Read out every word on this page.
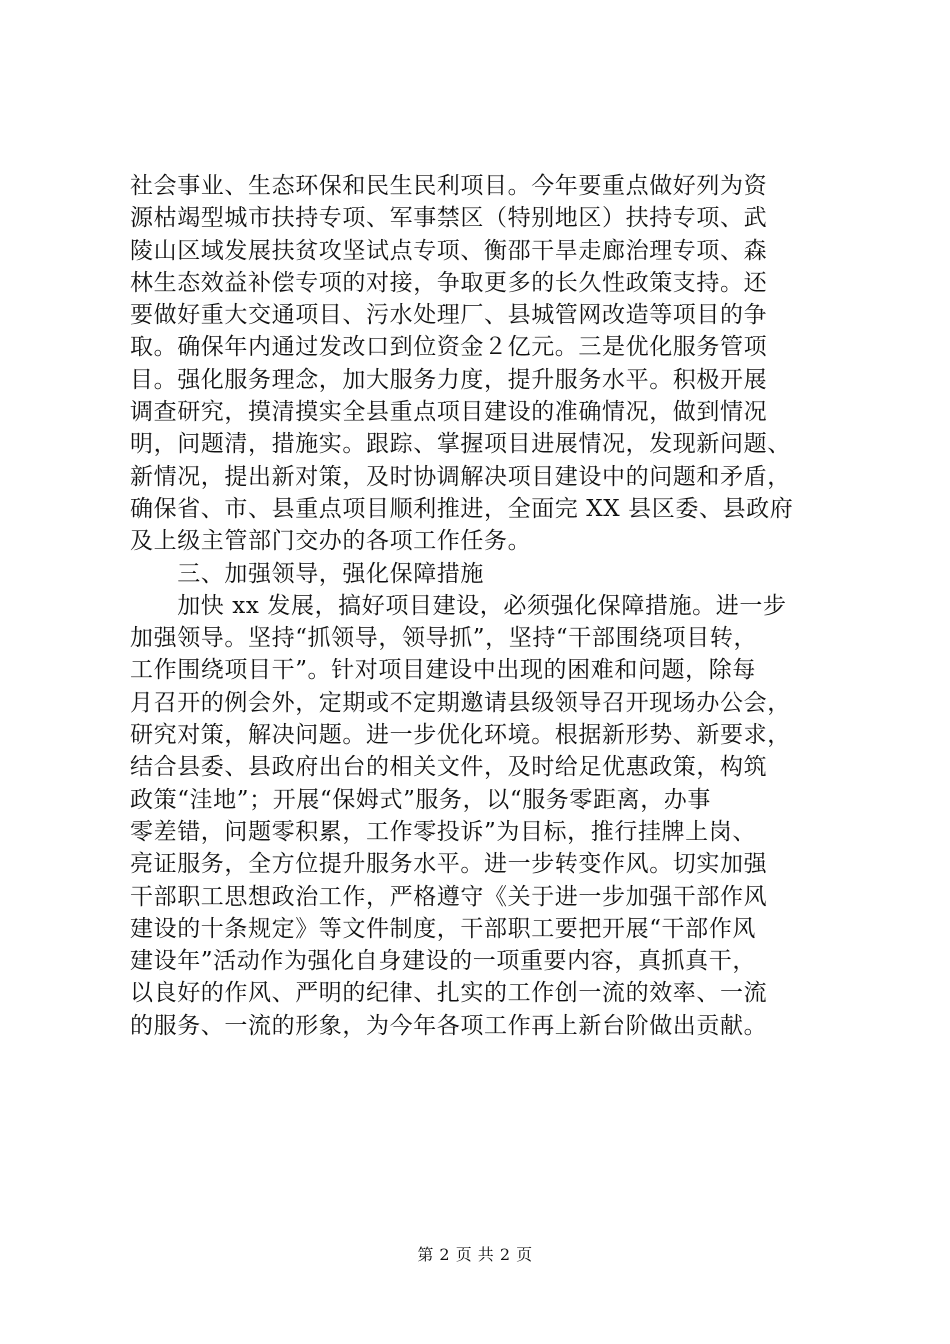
社会事业、生态环保和民生民利项目。今年要重点做好列为资
源枯竭型城市扶持专项、军事禁区（特别地区）扶持专项、武
陵山区域发展扶贫攻坚试点专项、衡邵干旱走廊治理专项、森
林生态效益补偿专项的对接，争取更多的长久性政策支持。还
要做好重大交通项目、污水处理厂、县城管网改造等项目的争
取。确保年内通过发改口到位资金２亿元。三是优化服务管项
目。强化服务理念，加大服务力度，提升服务水平。积极开展
调查研究，摸清摸实全县重点项目建设的准确情况，做到情况
明，问题清，措施实。跟踪、掌握项目进展情况，发现新问题、
新情况，提出新对策，及时协调解决项目建设中的问题和矛盾，
确保省、市、县重点项目顺利推进，全面完 XX 县区委、县政府
及上级主管部门交办的各项工作任务。
　　三、加强领导，强化保障措施
　　加快 xx 发展，搞好项目建设，必须强化保障措施。进一步
加强领导。坚持“抓领导，领导抓”，坚持“干部围绕项目转，
工作围绕项目干”。针对项目建设中出现的困难和问题，除每
月召开的例会外，定期或不定期邀请县级领导召开现场办公会，
研究对策，解决问题。进一步优化环境。根据新形势、新要求，
结合县委、县政府出台的相关文件，及时给足优惠政策，构筑
政策“洼地”；开展“保姆式”服务，以“服务零距离，办事
零差错，问题零积累，工作零投诉”为目标，推行挂牌上岗、
亮证服务，全方位提升服务水平。进一步转变作风。切实加强
干部职工思想政治工作，严格遵守《关于进一步加强干部作风
建设的十条规定》等文件制度，干部职工要把开展“干部作风
建设年”活动作为强化自身建设的一项重要内容，真抓真干，
以良好的作风、严明的纪律、扎实的工作创一流的效率、一流
的服务、一流的形象，为今年各项工作再上新台阶做出贡献。
第 2 页 共 2 页
